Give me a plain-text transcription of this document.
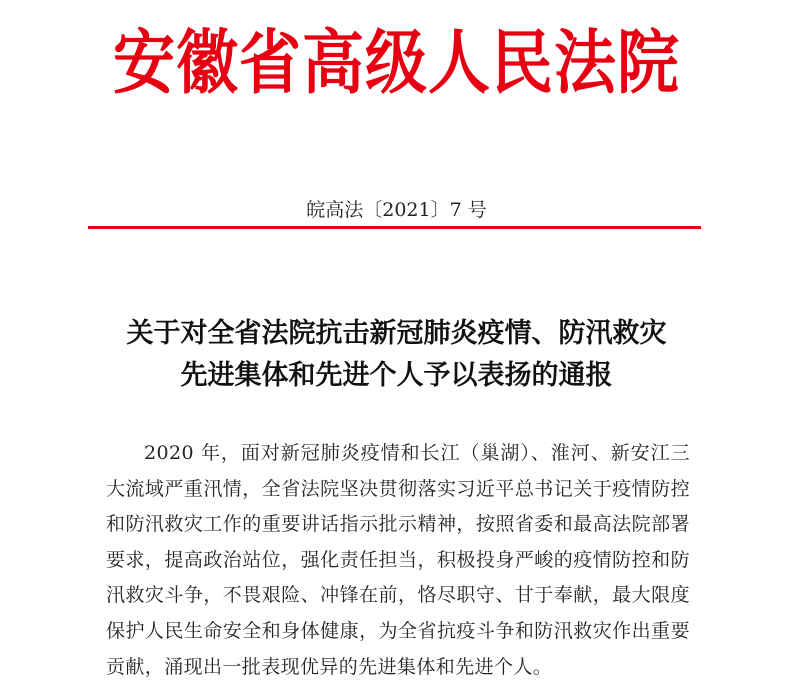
安徽省高级人民法院
皖高法〔2021〕7 号
关于对全省法院抗击新冠肺炎疫情、防汛救灾
先进集体和先进个人予以表扬的通报
2020 年，面对新冠肺炎疫情和长江（巢湖）、淮河、新安江三大流域严重汛情，全省法院坚决贯彻落实习近平总书记关于疫情防控和防汛救灾工作的重要讲话指示批示精神，按照省委和最高法院部署要求，提高政治站位，强化责任担当，积极投身严峻的疫情防控和防汛救灾斗争，不畏艰险、冲锋在前，恪尽职守、甘于奉献，最大限度保护人民生命安全和身体健康，为全省抗疫斗争和防汛救灾作出重要贡献，涌现出一批表现优异的先进集体和先进个人。
